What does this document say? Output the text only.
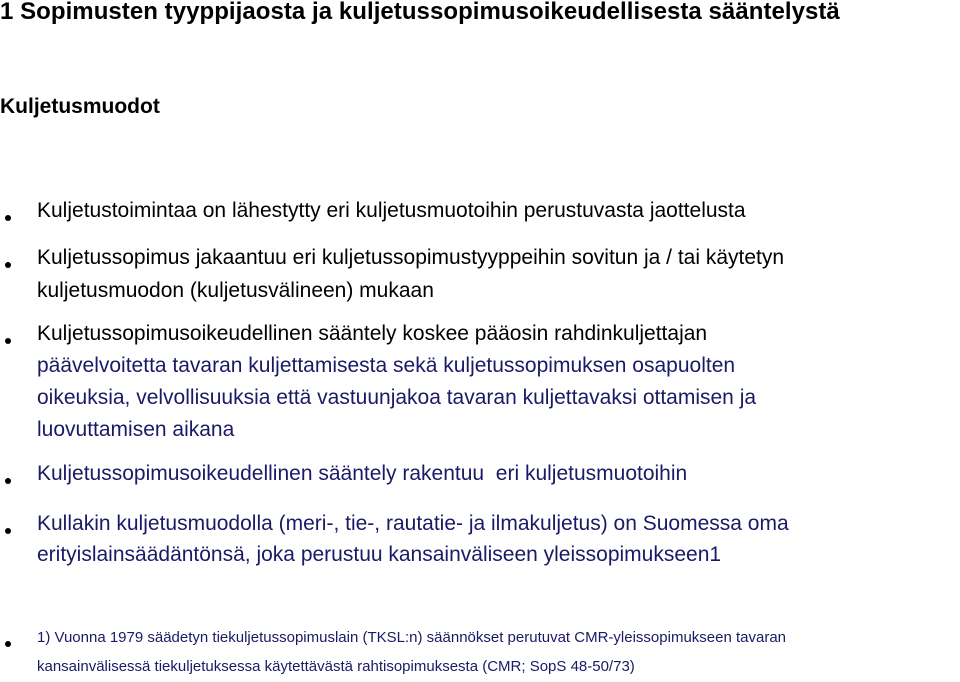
1 Sopimusten tyyppijaosta ja kuljetussopimusoikeudellisesta sääntelystä
Kuljetusmuodot
Kuljetustoimintaa on lähestytty eri kuljetusmuotoihin perustuvasta jaottelusta
Kuljetussopimus jakaantuu eri kuljetussopimustyyppeihin sovitun ja / tai käytetyn
kuljetusmuodon (kuljetusvälineen) mukaan
Kuljetussopimusoikeudellinen sääntely koskee pääosin rahdinkuljettajan
päävelvoitetta tavaran kuljettamisesta sekä kuljetussopimuksen osapuolten
oikeuksia, velvollisuuksia että vastuunjakoa tavaran kuljettavaksi ottamisen ja
luovuttamisen aikana
Kuljetussopimusoikeudellinen sääntely rakentuu  eri kuljetusmuotoihin
Kullakin kuljetusmuodolla (meri-, tie-, rautatie- ja ilmakuljetus) on Suomessa oma
erityislainsäädäntönsä, joka perustuu kansainväliseen yleissopimukseen1
1) Vuonna 1979 säädetyn tiekuljetussopimuslain (TKSL:n) säännökset perutuvat CMR-yleissopimukseen tavaran
kansainvälisessä tiekuljetuksessa käytettävästä rahtisopimuksesta (CMR; SopS 48-50/73)
